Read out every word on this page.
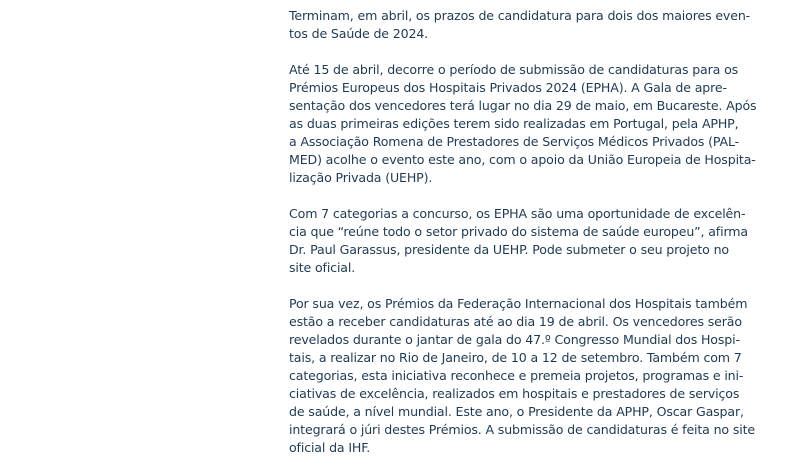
Terminam, em abril, os prazos de candidatura para dois dos maiores even-
tos de Saúde de 2024.

Até 15 de abril, decorre o período de submissão de candidaturas para os
Prémios Europeus dos Hospitais Privados 2024 (EPHA). A Gala de apre-
sentação dos vencedores terá lugar no dia 29 de maio, em Bucareste. Após
as duas primeiras edições terem sido realizadas em Portugal, pela APHP,
a Associação Romena de Prestadores de Serviços Médicos Privados (PAL-
MED) acolhe o evento este ano, com o apoio da União Europeia de Hospita-
lização Privada (UEHP).

Com 7 categorias a concurso, os EPHA são uma oportunidade de excelên-
cia que “reúne todo o setor privado do sistema de saúde europeu”, afirma
Dr. Paul Garassus, presidente da UEHP. Pode submeter o seu projeto no
site oficial.

Por sua vez, os Prémios da Federação Internacional dos Hospitais também
estão a receber candidaturas até ao dia 19 de abril. Os vencedores serão
revelados durante o jantar de gala do 47.º Congresso Mundial dos Hospi-
tais, a realizar no Rio de Janeiro, de 10 a 12 de setembro. Também com 7
categorias, esta iniciativa reconhece e premeia projetos, programas e ini-
ciativas de excelência, realizados em hospitais e prestadores de serviços
de saúde, a nível mundial. Este ano, o Presidente da APHP, Oscar Gaspar,
integrará o júri destes Prémios. A submissão de candidaturas é feita no site
oficial da IHF.
